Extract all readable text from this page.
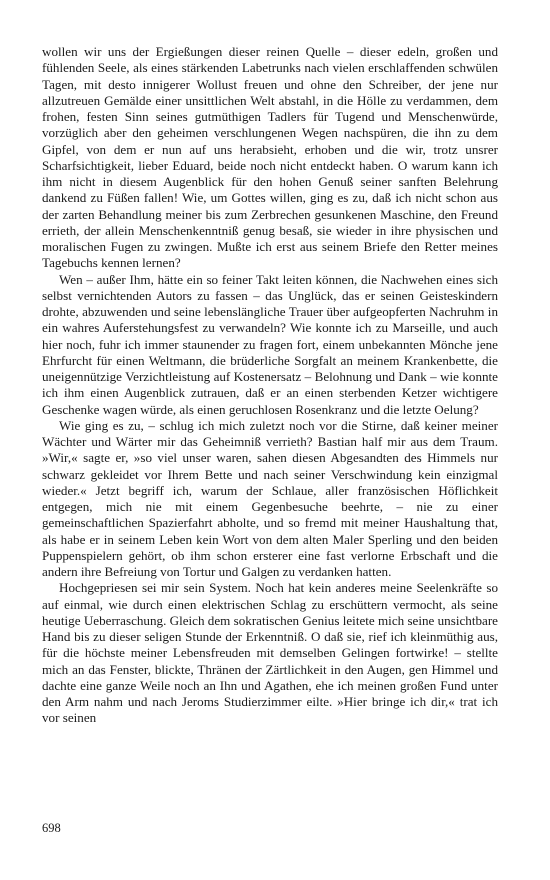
wollen wir uns der Ergießungen dieser reinen Quelle – dieser edeln, großen und fühlenden Seele, als eines stärkenden Labetrunks nach vielen erschlaffenden schwülen Tagen, mit desto innigerer Wollust freuen und ohne den Schreiber, der jene nur allzutreuen Gemälde einer unsittlichen Welt abstahl, in die Hölle zu verdammen, dem frohen, festen Sinn seines gutmüthigen Tadlers für Tugend und Menschenwürde, vorzüglich aber den geheimen verschlungenen Wegen nachspüren, die ihn zu dem Gipfel, von dem er nun auf uns herabsieht, erhoben und die wir, trotz unsrer Scharfsichtigkeit, lieber Eduard, beide noch nicht entdeckt haben. O warum kann ich ihm nicht in diesem Augenblick für den hohen Genuß seiner sanften Belehrung dankend zu Füßen fallen! Wie, um Gottes willen, ging es zu, daß ich nicht schon aus der zarten Behandlung meiner bis zum Zerbrechen gesunkenen Maschine, den Freund errieth, der allein Menschenkenntniß genug besaß, sie wieder in ihre physischen und moralischen Fugen zu zwingen. Mußte ich erst aus seinem Briefe den Retter meines Tagebuchs kennen lernen?

Wen – außer Ihm, hätte ein so feiner Takt leiten können, die Nachwehen eines sich selbst vernichtenden Autors zu fassen – das Unglück, das er seinen Geisteskindern drohte, abzuwenden und seine lebenslängliche Trauer über aufgeopferten Nachruhm in ein wahres Auferstehungsfest zu verwandeln? Wie konnte ich zu Marseille, und auch hier noch, fuhr ich immer staunender zu fragen fort, einem unbekannten Mönche jene Ehrfurcht für einen Weltmann, die brüderliche Sorgfalt an meinem Krankenbette, die uneigennützige Verzichtleistung auf Kostenersatz – Belohnung und Dank – wie konnte ich ihm einen Augenblick zutrauen, daß er an einen sterbenden Ketzer wichtigere Geschenke wagen würde, als einen geruchlosen Rosenkranz und die letzte Oelung?

Wie ging es zu, – schlug ich mich zuletzt noch vor die Stirne, daß keiner meiner Wächter und Wärter mir das Geheimniß verrieth? Bastian half mir aus dem Traum. »Wir,« sagte er, »so viel unser waren, sahen diesen Abgesandten des Himmels nur schwarz gekleidet vor Ihrem Bette und nach seiner Verschwindung kein einzigmal wieder.« Jetzt begriff ich, warum der Schlaue, aller französischen Höflichkeit entgegen, mich nie mit einem Gegenbesuche beehrte, – nie zu einer gemeinschaftlichen Spazierfahrt abholte, und so fremd mit meiner Haushaltung that, als habe er in seinem Leben kein Wort von dem alten Maler Sperling und den beiden Puppenspielern gehört, ob ihm schon ersterer eine fast verlorne Erbschaft und die andern ihre Befreiung von Tortur und Galgen zu verdanken hatten.

Hochgepriesen sei mir sein System. Noch hat kein anderes meine Seelenkräfte so auf einmal, wie durch einen elektrischen Schlag zu erschüttern vermocht, als seine heutige Ueberraschung. Gleich dem sokratischen Genius leitete mich seine unsichtbare Hand bis zu dieser seligen Stunde der Erkenntniß. O daß sie, rief ich kleinmüthig aus, für die höchste meiner Lebensfreuden mit demselben Gelingen fortwirke! – stellte mich an das Fenster, blickte, Thränen der Zärtlichkeit in den Augen, gen Himmel und dachte eine ganze Weile noch an Ihn und Agathen, ehe ich meinen großen Fund unter den Arm nahm und nach Jeroms Studierzimmer eilte. »Hier bringe ich dir,« trat ich vor seinen

698
